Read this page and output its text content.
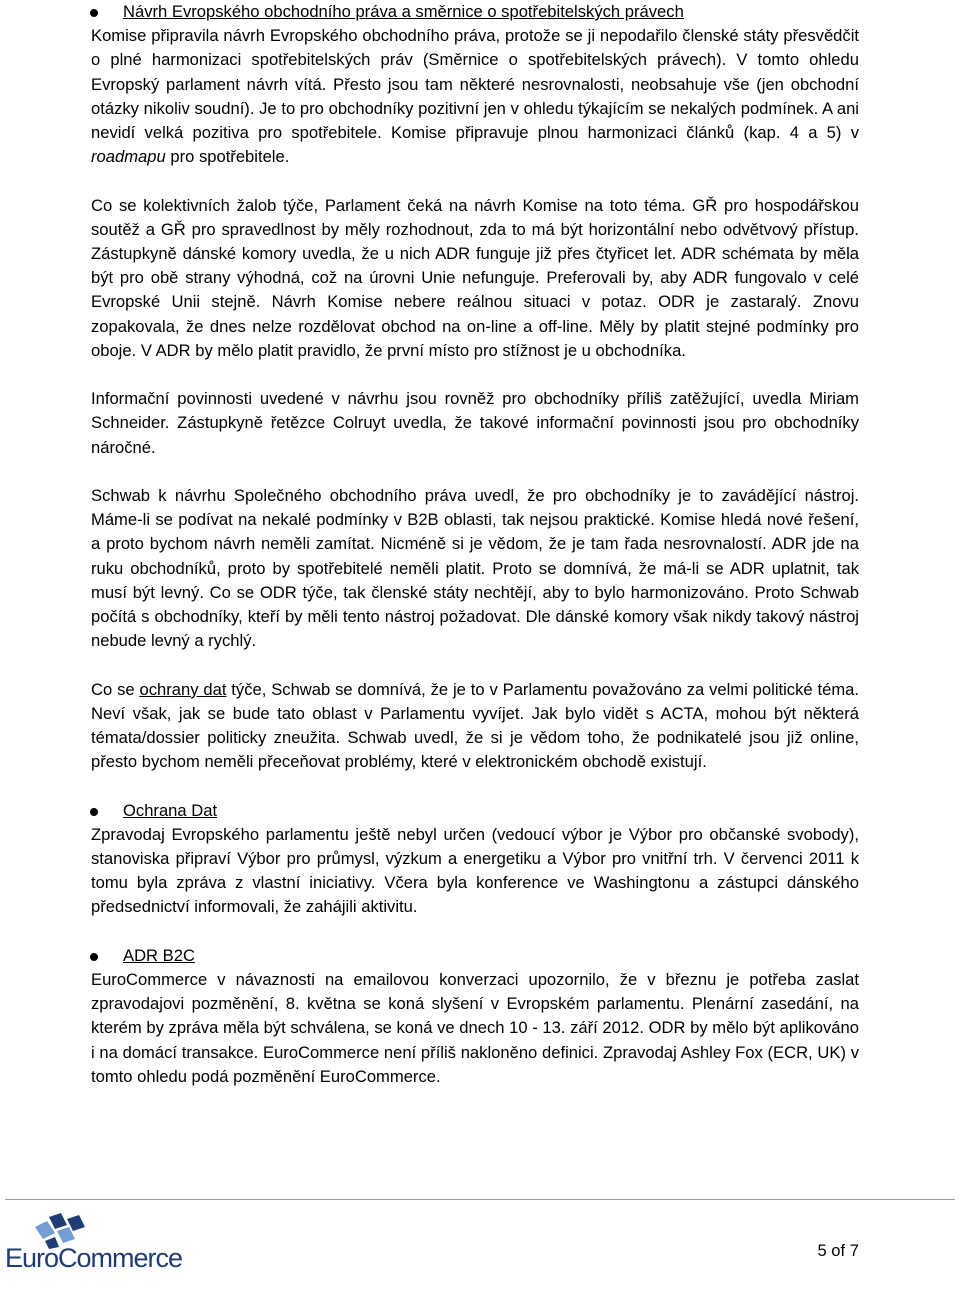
Návrh Evropského obchodního práva a směrnice o spotřebitelských právech

Komise připravila návrh Evropského obchodního práva, protože se ji nepodařilo členské státy přesvědčit o plné harmonizaci spotřebitelských práv (Směrnice o spotřebitelských právech). V tomto ohledu Evropský parlament návrh vítá. Přesto jsou tam některé nesrovnalosti, neobsahuje vše (jen obchodní otázky nikoliv soudní). Je to pro obchodníky pozitivní jen v ohledu týkajícím se nekalých podmínek. A ani nevidí velká pozitiva pro spotřebitele. Komise připravuje plnou harmonizaci článků (kap. 4 a 5) v roadmapu pro spotřebitele.

Co se kolektivních žalob týče, Parlament čeká na návrh Komise na toto téma. GŘ pro hospodářskou soutěž a GŘ pro spravedlnost by měly rozhodnout, zda to má být horizontální nebo odvětvový přístup. Zástupkyně dánské komory uvedla, že u nich ADR funguje již přes čtyřicet let. ADR schémata by měla být pro obě strany výhodná, což na úrovni Unie nefunguje. Preferovali by, aby ADR fungovalo v celé Evropské Unii stejně. Návrh Komise nebere reálnou situaci v potaz. ODR je zastaralý. Znovu zopakovala, že dnes nelze rozdělovat obchod na on-line a off-line. Měly by platit stejné podmínky pro oboje. V ADR by mělo platit pravidlo, že první místo pro stížnost je u obchodníka.

Informační povinnosti uvedené v návrhu jsou rovněž pro obchodníky příliš zatěžující, uvedla Miriam Schneider. Zástupkyně řetězce Colruyt uvedla, že takové informační povinnosti jsou pro obchodníky náročné.

Schwab k návrhu Společného obchodního práva uvedl, že pro obchodníky je to zavádějící nástroj. Máme-li se podívat na nekalé podmínky v B2B oblasti, tak nejsou praktické. Komise hledá nové řešení, a proto bychom návrh neměli zamítat. Nicméně si je vědom, že je tam řada nesrovnalostí. ADR jde na ruku obchodníků, proto by spotřebitelé neměli platit. Proto se domnívá, že má-li se ADR uplatnit, tak musí být levný. Co se ODR týče, tak členské státy nechtějí, aby to bylo harmonizováno. Proto Schwab počítá s obchodníky, kteří by měli tento nástroj požadovat. Dle dánské komory však nikdy takový nástroj nebude levný a rychlý.

Co se ochrany dat týče, Schwab se domnívá, že je to v Parlamentu považováno za velmi politické téma. Neví však, jak se bude tato oblast v Parlamentu vyvíjet. Jak bylo vidět s ACTA, mohou být některá témata/dossier politicky zneužita. Schwab uvedl, že si je vědom toho, že podnikatelé jsou již online, přesto bychom neměli přeceňovat problémy, které v elektronickém obchodě existují.

Ochrana Dat

Zpravodaj Evropského parlamentu ještě nebyl určen (vedoucí výbor je Výbor pro občanské svobody), stanoviska připraví Výbor pro průmysl, výzkum a energetiku a Výbor pro vnitřní trh. V červenci 2011 k tomu byla zpráva z vlastní iniciativy. Včera byla konference ve Washingtonu a zástupci dánského předsednictví informovali, že zahájili aktivitu.

ADR B2C

EuroCommerce v návaznosti na emailovou konverzaci upozornilo, že v březnu je potřeba zaslat zpravodajovi pozměnění, 8. května se koná slyšení v Evropském parlamentu. Plenární zasedání, na kterém by zpráva měla být schválena, se koná ve dnech 10 - 13. září 2012. ODR by mělo být aplikováno i na domácí transakce. EuroCommerce není příliš nakloněno definici. Zpravodaj Ashley Fox (ECR, UK) v tomto ohledu podá pozměnění EuroCommerce.

EuroCommerce	5 of 7
